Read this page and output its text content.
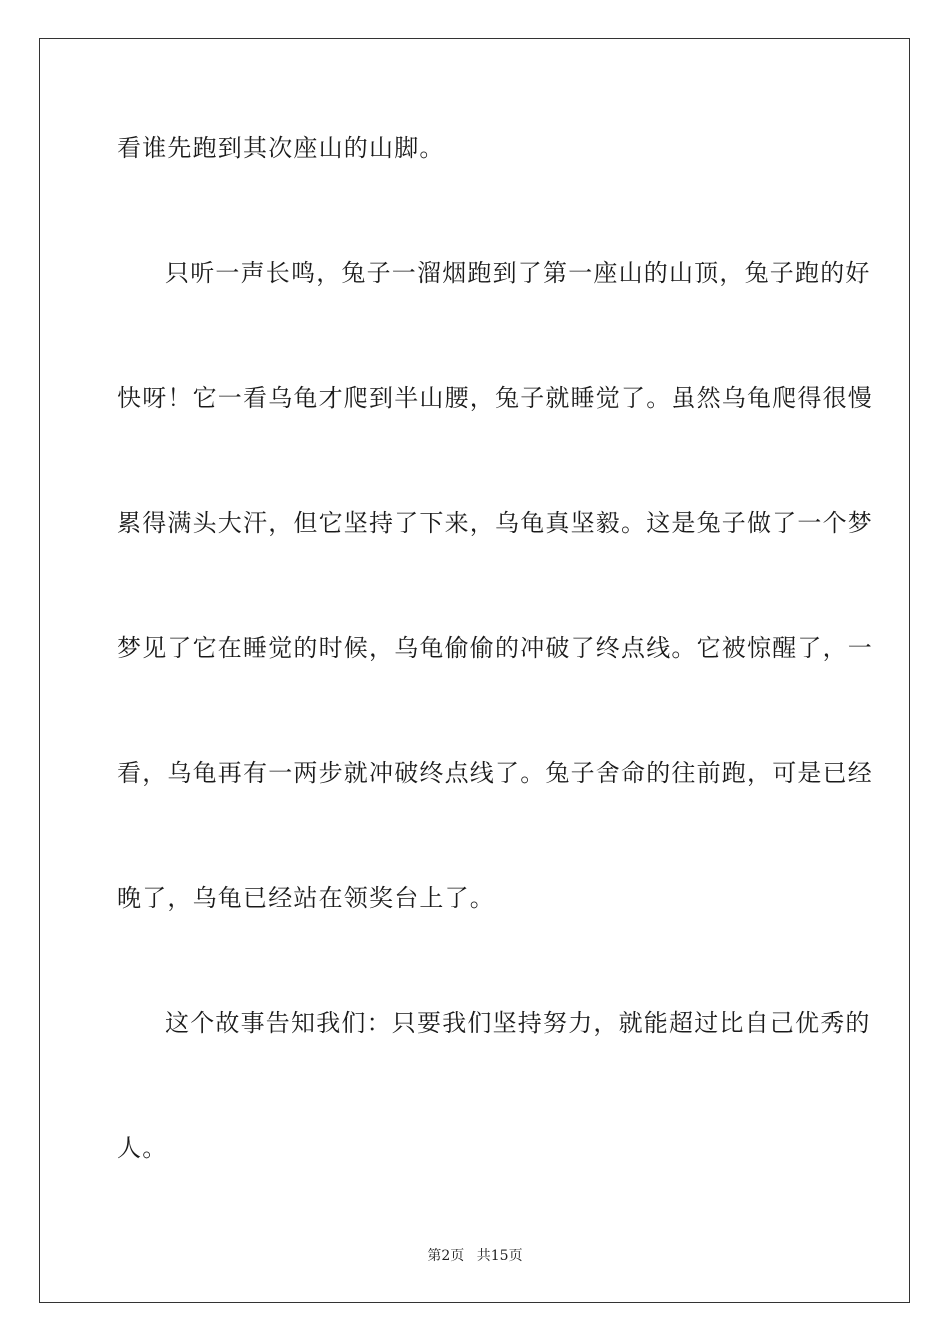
看谁先跑到其次座山的山脚。
只听一声长鸣，兔子一溜烟跑到了第一座山的山顶，兔子跑的好
快呀！它一看乌龟才爬到半山腰，兔子就睡觉了。虽然乌龟爬得很慢
累得满头大汗，但它坚持了下来，乌龟真坚毅。这是兔子做了一个梦
梦见了它在睡觉的时候，乌龟偷偷的冲破了终点线。它被惊醒了，一
看，乌龟再有一两步就冲破终点线了。兔子舍命的往前跑，可是已经
晚了，乌龟已经站在领奖台上了。
这个故事告知我们：只要我们坚持努力，就能超过比自己优秀的
人。
第2页 共15页
